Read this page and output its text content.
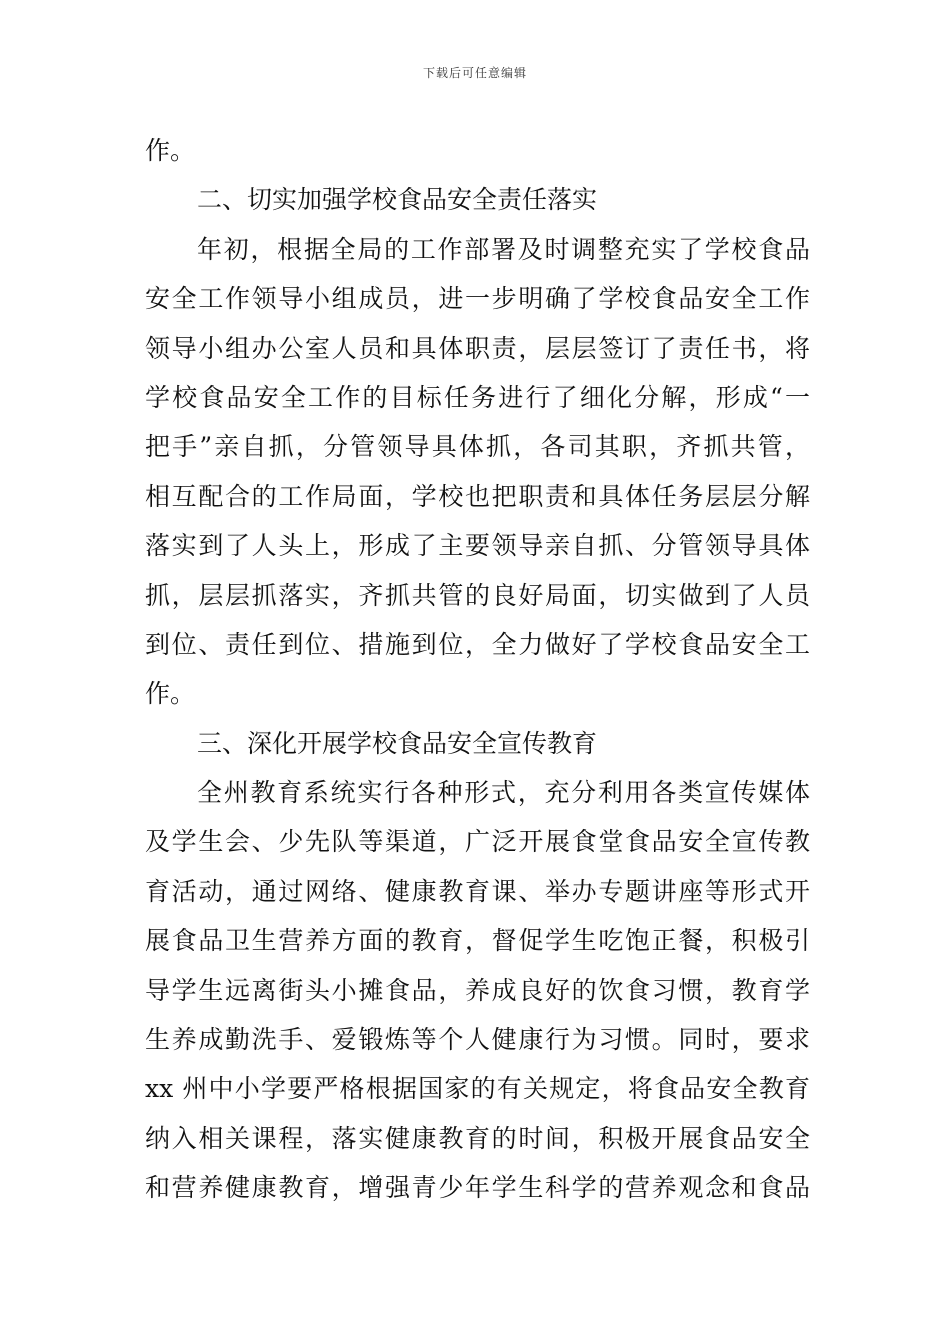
下载后可任意编辑
作。
二、切实加强学校食品安全责任落实
年初，根据全局的工作部署及时调整充实了学校食品
安全工作领导小组成员，进一步明确了学校食品安全工作
领导小组办公室人员和具体职责，层层签订了责任书，将
学校食品安全工作的目标任务进行了细化分解，形成“一
把手”亲自抓，分管领导具体抓，各司其职，齐抓共管，
相互配合的工作局面，学校也把职责和具体任务层层分解
落实到了人头上，形成了主要领导亲自抓、分管领导具体
抓，层层抓落实，齐抓共管的良好局面，切实做到了人员
到位、责任到位、措施到位，全力做好了学校食品安全工
作。
三、深化开展学校食品安全宣传教育
全州教育系统实行各种形式，充分利用各类宣传媒体
及学生会、少先队等渠道，广泛开展食堂食品安全宣传教
育活动，通过网络、健康教育课、举办专题讲座等形式开
展食品卫生营养方面的教育，督促学生吃饱正餐，积极引
导学生远离街头小摊食品，养成良好的饮食习惯，教育学
生养成勤洗手、爱锻炼等个人健康行为习惯。同时，要求
xx 州中小学要严格根据国家的有关规定，将食品安全教育
纳入相关课程，落实健康教育的时间，积极开展食品安全
和营养健康教育，增强青少年学生科学的营养观念和食品
